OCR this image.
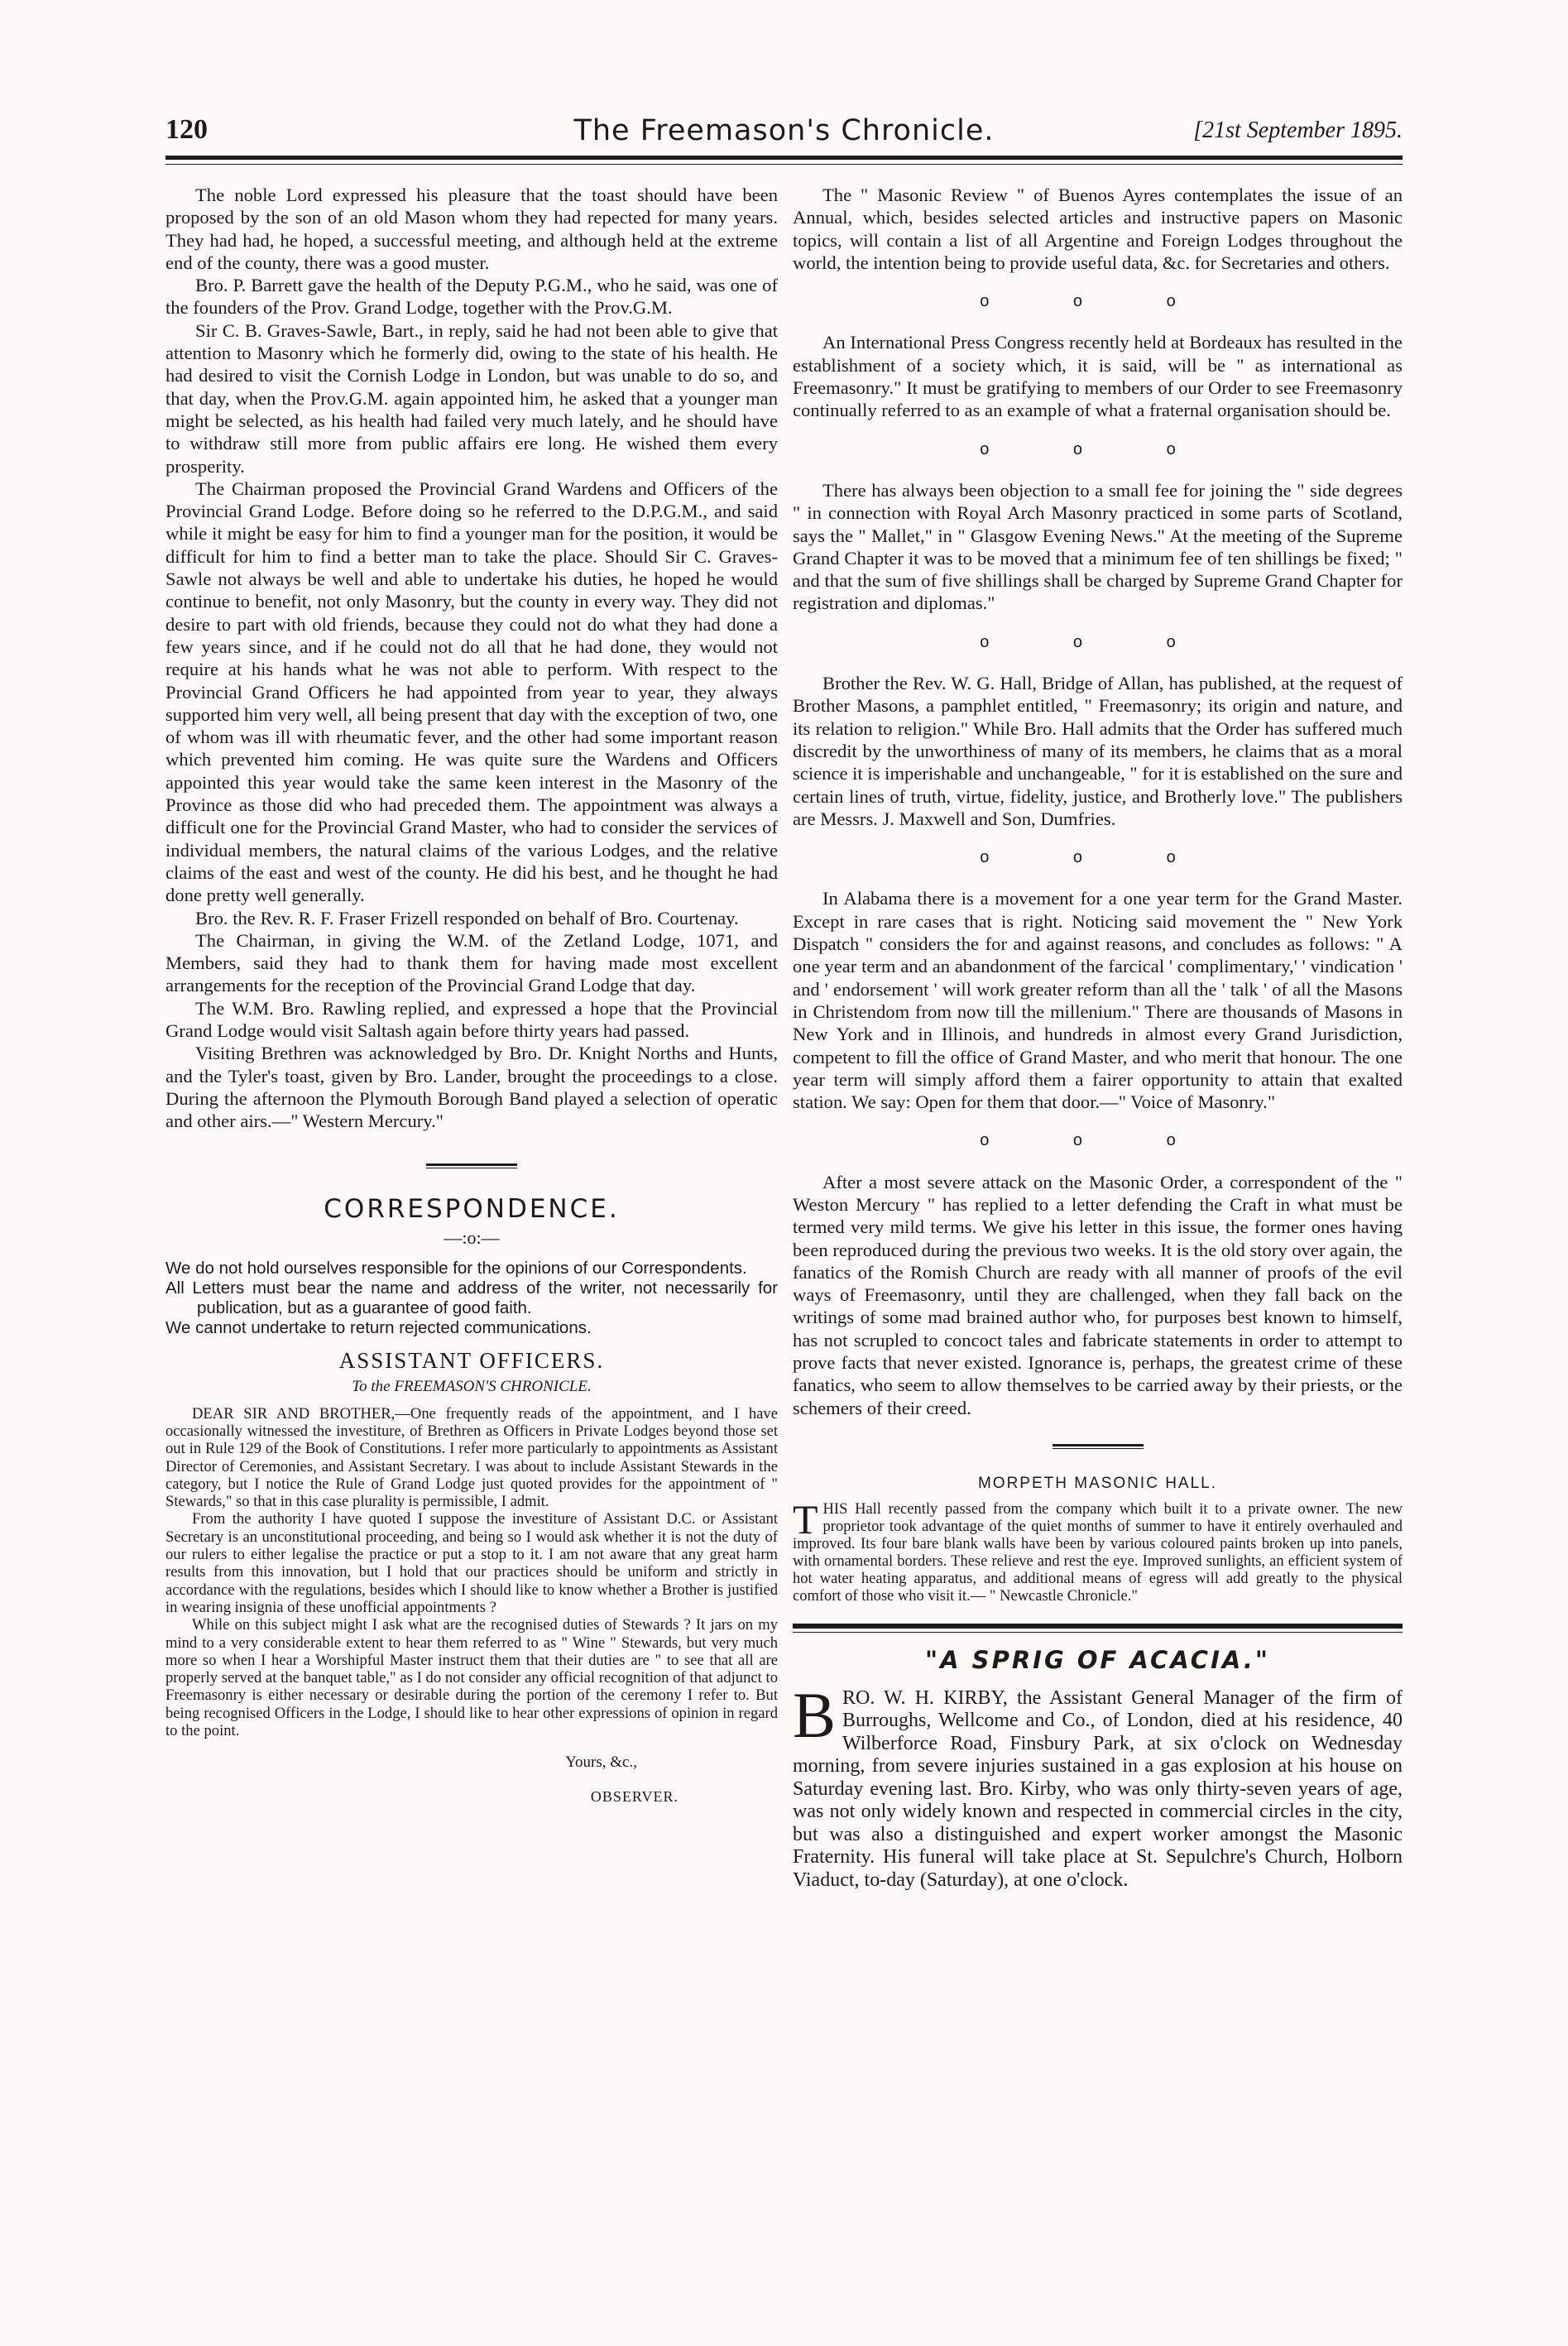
120	The Freemason's Chronicle.	[21st September 1895.

The noble Lord expressed his pleasure that the toast should have been proposed by the son of an old Mason whom they had repected for many years. They had had, he hoped, a successful meeting, and although held at the extreme end of the county, there was a good muster.

Bro. P. Barrett gave the health of the Deputy P.G.M., who he said, was one of the founders of the Prov. Grand Lodge, together with the Prov.G.M.

Sir C. B. Graves-Sawle, Bart., in reply, said he had not been able to give that attention to Masonry which he formerly did, owing to the state of his health. He had desired to visit the Cornish Lodge in London, but was unable to do so, and that day, when the Prov.G.M. again appointed him, he asked that a younger man might be selected, as his health had failed very much lately, and he should have to withdraw still more from public affairs ere long. He wished them every prosperity.

The Chairman proposed the Provincial Grand Wardens and Officers of the Provincial Grand Lodge. Before doing so he referred to the D.P.G.M., and said while it might be easy for him to find a younger man for the position, it would be difficult for him to find a better man to take the place. Should Sir C. Graves-Sawle not always be well and able to undertake his duties, he hoped he would continue to benefit, not only Masonry, but the county in every way. They did not desire to part with old friends, because they could not do what they had done a few years since, and if he could not do all that he had done, they would not require at his hands what he was not able to perform. With respect to the Provincial Grand Officers he had appointed from year to year, they always supported him very well, all being present that day with the exception of two, one of whom was ill with rheumatic fever, and the other had some important reason which prevented him coming. He was quite sure the Wardens and Officers appointed this year would take the same keen interest in the Masonry of the Province as those did who had preceded them. The appointment was always a difficult one for the Provincial Grand Master, who had to consider the services of individual members, the natural claims of the various Lodges, and the relative claims of the east and west of the county. He did his best, and he thought he had done pretty well generally.

Bro. the Rev. R. F. Fraser Frizell responded on behalf of Bro. Courtenay.

The Chairman, in giving the W.M. of the Zetland Lodge, 1071, and Members, said they had to thank them for having made most excellent arrangements for the reception of the Provincial Grand Lodge that day.

The W.M. Bro. Rawling replied, and expressed a hope that the Provincial Grand Lodge would visit Saltash again before thirty years had passed.

Visiting Brethren was acknowledged by Bro. Dr. Knight Norths and Hunts, and the Tyler's toast, given by Bro. Lander, brought the proceedings to a close. During the afternoon the Plymouth Borough Band played a selection of operatic and other airs.—" Western Mercury."

CORRESPONDENCE.
—:o:—
We do not hold ourselves responsible for the opinions of our Correspondents.
All Letters must bear the name and address of the writer, not necessarily for publication, but as a guarantee of good faith.
We cannot undertake to return rejected communications.
ASSISTANT OFFICERS.
To the FREEMASON'S CHRONICLE.

DEAR SIR AND BROTHER,—One frequently reads of the appointment, and I have occasionally witnessed the investiture, of Brethren as Officers in Private Lodges beyond those set out in Rule 129 of the Book of Constitutions. I refer more particularly to appointments as Assistant Director of Ceremonies, and Assistant Secretary. I was about to include Assistant Stewards in the category, but I notice the Rule of Grand Lodge just quoted provides for the appointment of " Stewards," so that in this case plurality is permissible, I admit.

From the authority I have quoted I suppose the investiture of Assistant D.C. or Assistant Secretary is an unconstitutional proceeding, and being so I would ask whether it is not the duty of our rulers to either legalise the practice or put a stop to it. I am not aware that any great harm results from this innovation, but I hold that our practices should be uniform and strictly in accordance with the regulations, besides which I should like to know whether a Brother is justified in wearing insignia of these unofficial appointments ?

While on this subject might I ask what are the recognised duties of Stewards ? It jars on my mind to a very considerable extent to hear them referred to as " Wine " Stewards, but very much more so when I hear a Worshipful Master instruct them that their duties are " to see that all are properly served at the banquet table," as I do not consider any official recognition of that adjunct to Freemasonry is either necessary or desirable during the portion of the ceremony I refer to. But being recognised Officers in the Lodge, I should like to hear other expressions of opinion in regard to the point.

Yours, &c.,
OBSERVER.

The " Masonic Review " of Buenos Ayres contemplates the issue of an Annual, which, besides selected articles and instructive papers on Masonic topics, will contain a list of all Argentine and Foreign Lodges throughout the world, the intention being to provide useful data, &c. for Secretaries and others.

o o o

An International Press Congress recently held at Bordeaux has resulted in the establishment of a society which, it is said, will be " as international as Freemasonry." It must be gratifying to members of our Order to see Freemasonry continually referred to as an example of what a fraternal organisation should be.

o o o

There has always been objection to a small fee for joining the " side degrees " in connection with Royal Arch Masonry practiced in some parts of Scotland, says the " Mallet," in " Glasgow Evening News." At the meeting of the Supreme Grand Chapter it was to be moved that a minimum fee of ten shillings be fixed; " and that the sum of five shillings shall be charged by Supreme Grand Chapter for registration and diplomas."

o o o

Brother the Rev. W. G. Hall, Bridge of Allan, has published, at the request of Brother Masons, a pamphlet entitled, " Freemasonry; its origin and nature, and its relation to religion." While Bro. Hall admits that the Order has suffered much discredit by the unworthiness of many of its members, he claims that as a moral science it is imperishable and unchangeable, " for it is established on the sure and certain lines of truth, virtue, fidelity, justice, and Brotherly love." The publishers are Messrs. J. Maxwell and Son, Dumfries.

o o o

In Alabama there is a movement for a one year term for the Grand Master. Except in rare cases that is right. Noticing said movement the " New York Dispatch " considers the for and against reasons, and concludes as follows: " A one year term and an abandonment of the farcical ' complimentary,' ' vindication ' and ' endorsement ' will work greater reform than all the ' talk ' of all the Masons in Christendom from now till the millenium." There are thousands of Masons in New York and in Illinois, and hundreds in almost every Grand Jurisdiction, competent to fill the office of Grand Master, and who merit that honour. The one year term will simply afford them a fairer opportunity to attain that exalted station. We say: Open for them that door.—" Voice of Masonry."

o o o

After a most severe attack on the Masonic Order, a correspondent of the " Weston Mercury " has replied to a letter defending the Craft in what must be termed very mild terms. We give his letter in this issue, the former ones having been reproduced during the previous two weeks. It is the old story over again, the fanatics of the Romish Church are ready with all manner of proofs of the evil ways of Freemasonry, until they are challenged, when they fall back on the writings of some mad brained author who, for purposes best known to himself, has not scrupled to concoct tales and fabricate statements in order to attempt to prove facts that never existed. Ignorance is, perhaps, the greatest crime of these fanatics, who seem to allow themselves to be carried away by their priests, or the schemers of their creed.

MORPETH MASONIC HALL.

THIS Hall recently passed from the company which built it to a private owner. The new proprietor took advantage of the quiet months of summer to have it entirely overhauled and improved. Its four bare blank walls have been by various coloured paints broken up into panels, with ornamental borders. These relieve and rest the eye. Improved sunlights, an efficient system of hot water heating apparatus, and additional means of egress will add greatly to the physical comfort of those who visit it.— " Newcastle Chronicle."

"A SPRIG OF ACACIA."

BRO. W. H. KIRBY, the Assistant General Manager of the firm of Burroughs, Wellcome and Co., of London, died at his residence, 40 Wilberforce Road, Finsbury Park, at six o'clock on Wednesday morning, from severe injuries sustained in a gas explosion at his house on Saturday evening last. Bro. Kirby, who was only thirty-seven years of age, was not only widely known and respected in commercial circles in the city, but was also a distinguished and expert worker amongst the Masonic Fraternity. His funeral will take place at St. Sepulchre's Church, Holborn Viaduct, to-day (Saturday), at one o'clock.
